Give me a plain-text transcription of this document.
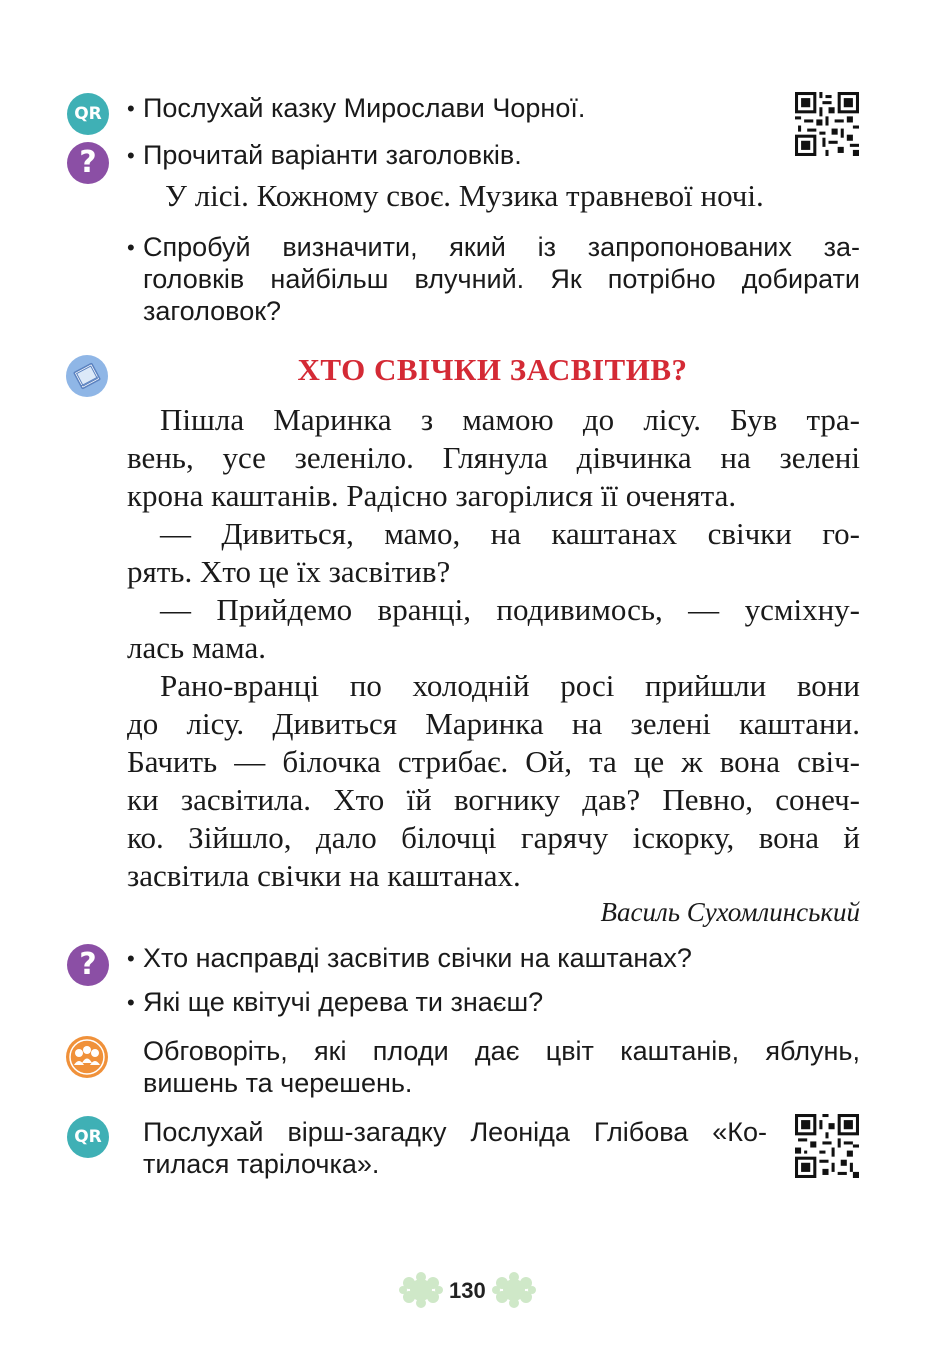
QR	• Послухай казку Мирослави Чорної.
?	• Прочитай варіанти заголовків.
У лісі. Кожному своє. Музика травневої ночі.
• Спробуй визначити, який із запропонованих за-
головків найбільш влучний. Як потрібно добирати
заголовок?
ХТО СВІЧКИ ЗАСВІТИВ?
Пішла Маринка з мамою до лісу. Був тра-
вень, усе зеленіло. Глянула дівчинка на зелені
крона каштанів. Радісно загорілися її оченята.
— Дивиться, мамо, на каштанах свічки го-
рять. Хто це їх засвітив?
— Прийдемо вранці, подивимось, — усміхну-
лась мама.
Рано-вранці по холодній росі прийшли вони
до лісу. Дивиться Маринка на зелені каштани.
Бачить — білочка стрибає. Ой, та це ж вона свіч-
ки засвітила. Хто їй вогнику дав? Певно, сонеч-
ко. Зійшло, дало білочці гарячу іскорку, вона й
засвітила свічки на каштанах.
Василь Сухомлинський
?	• Хто насправді засвітив свічки на каштанах?
• Які ще квітучі дерева ти знаєш?
Обговоріть, які плоди дає цвіт каштанів, яблунь,
вишень та черешень.
QR Послухай вірш-загадку Леоніда Глібова «Ко-
тилася тарілочка».
130
